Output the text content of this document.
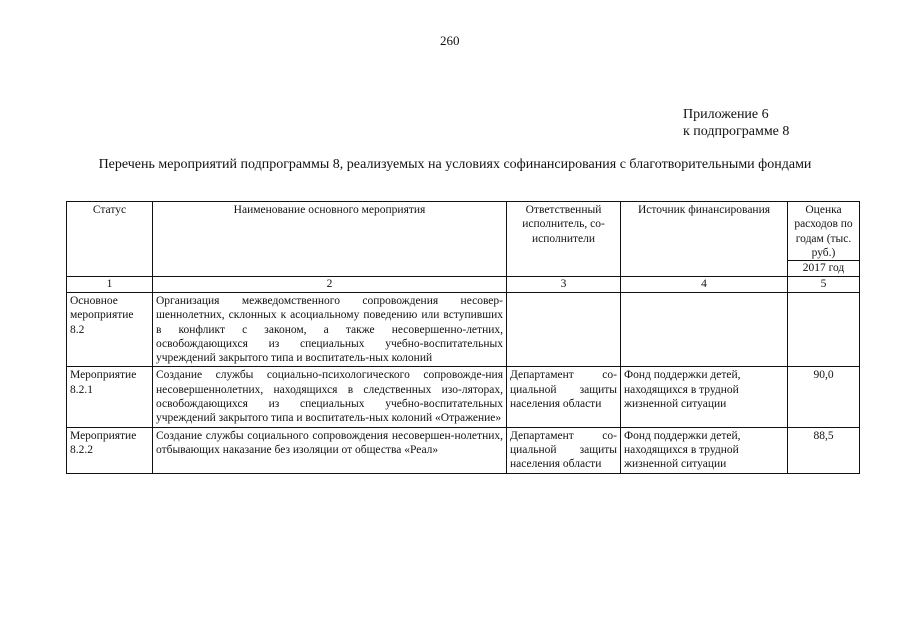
260
Приложение 6
к подпрограмме 8
Перечень мероприятий подпрограммы 8, реализуемых на условиях софинансирования с благотворительными фондами
Статус	Наименование основного мероприятия	Ответственный исполнитель, со-исполнители	Источник финансирования	Оценка расходов по годам (тыс. руб.)
2017 год

1	2	3	4	5
Основное мероприятие 8.2	Организация межведомственного сопровождения несовер-шеннолетних, склонных к асоциальному поведению или вступивших в конфликт с законом, а также несовершенно-летних, освобождающихся из специальных учебно-воспитательных учреждений закрытого типа и воспитатель-ных колоний			
Мероприятие 8.2.1	Создание службы социально-психологического сопровожде-ния несовершеннолетних, находящихся в следственных изо-ляторах, освобождающихся из специальных учебно-воспитательных учреждений закрытого типа и воспитатель-ных колоний «Отражение»	Департамент со-циальной защиты населения области	Фонд поддержки детей, находящихся в трудной жизненной ситуации	90,0
Мероприятие 8.2.2	Создание службы социального сопровождения несовершен-нолетних, отбывающих наказание без изоляции от общества «Реал»	Департамент со-циальной защиты населения области	Фонд поддержки детей, находящихся в трудной жизненной ситуации	88,5
